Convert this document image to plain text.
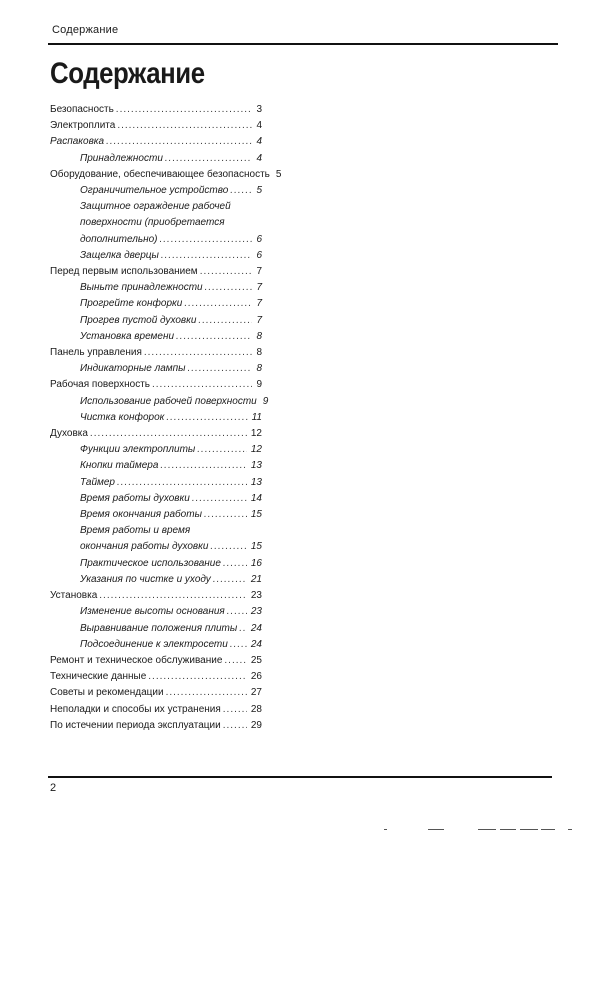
Содержание
Содержание
Безопасность .....	3
Электроплита .....	4
Распаковка .....	4
Принадлежности .....	4
Оборудование, обеспечивающее безопасность 5
Ограничительное устройство .....	5
Защитное ограждение рабочей
поверхности (приобретается
дополнительно) .....	6
Защелка дверцы .....	6
Перед первым использованием .....	7
Выньте принадлежности .....	7
Прогрейте конфорки .....	7
Прогрев пустой духовки .....	7
Установка времени .....	8
Панель управления .....	8
Индикаторные лампы .....	8
Рабочая поверхность .....	9
Использование рабочей поверхности 9
Чистка конфорок .....	11
Духовка .....	12
Функции электроплиты .....	12
Кнопки таймера .....	13
Таймер .....	13
Время работы духовки .....	14
Время окончания работы .....	15
Время работы и время
окончания работы духовки .....	15
Практическое использование .....	16
Указания по чистке и уходу .....	21
Установка .....	23
Изменение высоты основания .....	23
Выравнивание положения плиты ..... 24
Подсоединение к электросети ..... 24
Ремонт и техническое обслуживание .....	25
Технические данные .....	26
Советы и рекомендации .....	27
Неполадки и способы их устранения .....	28
По истечении периода эксплуатации .....	29
2
